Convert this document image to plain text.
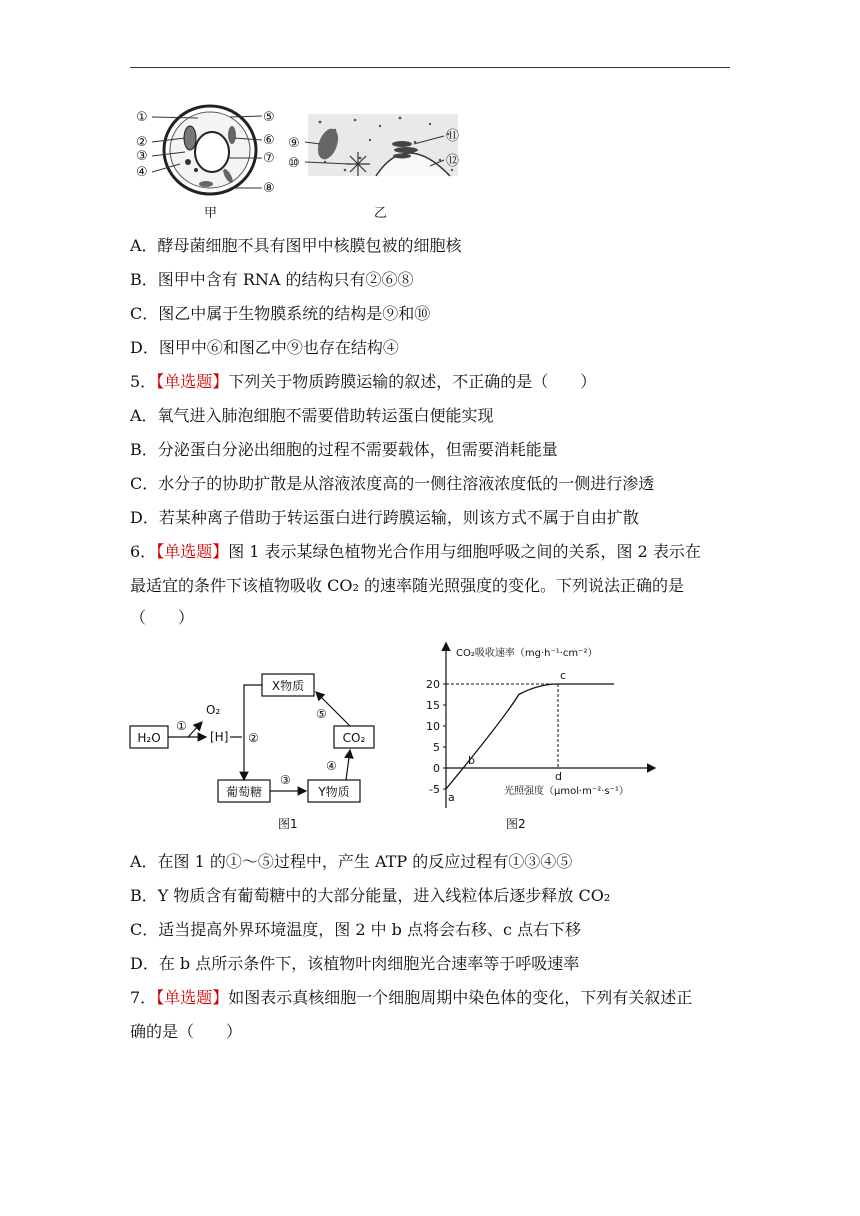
①
②
③
④
⑤
⑥
⑦
⑧
甲
⑨
⑩
⑪
⑫
乙
A．酵母菌细胞不具有图甲中核膜包被的细胞核
B．图甲中含有 RNA 的结构只有②⑥⑧
C．图乙中属于生物膜系统的结构是⑨和⑩
D．图甲中⑥和图乙中⑨也存在结构④
5．【单选题】下列关于物质跨膜运输的叙述，不正确的是（　　）
A．氧气进入肺泡细胞不需要借助转运蛋白便能实现
B．分泌蛋白分泌出细胞的过程不需要载体，但需要消耗能量
C．水分子的协助扩散是从溶液浓度高的一侧往溶液浓度低的一侧进行渗透
D．若某种离子借助于转运蛋白进行跨膜运输，则该方式不属于自由扩散
6．【单选题】图 1 表示某绿色植物光合作用与细胞呼吸之间的关系，图 2 表示在
最适宜的条件下该植物吸收 CO₂ 的速率随光照强度的变化。下列说法正确的是
（　　）
H₂O
X物质
CO₂
葡萄糖	Y物质
O₂
[H]
①
②
③
④
⑤
图1
CO₂吸收速率（mg·h⁻¹·cm⁻²）
光照强度（μmol·m⁻²·s⁻¹）
20
15
10
5
0
-5
a
b
c
d
图2
A．在图 1 的①～⑤过程中，产生 ATP 的反应过程有①③④⑤
B．Y 物质含有葡萄糖中的大部分能量，进入线粒体后逐步释放 CO₂
C．适当提高外界环境温度，图 2 中 b 点将会右移、c 点右下移
D．在 b 点所示条件下，该植物叶肉细胞光合速率等于呼吸速率
7．【单选题】如图表示真核细胞一个细胞周期中染色体的变化，下列有关叙述正
确的是（　　）
